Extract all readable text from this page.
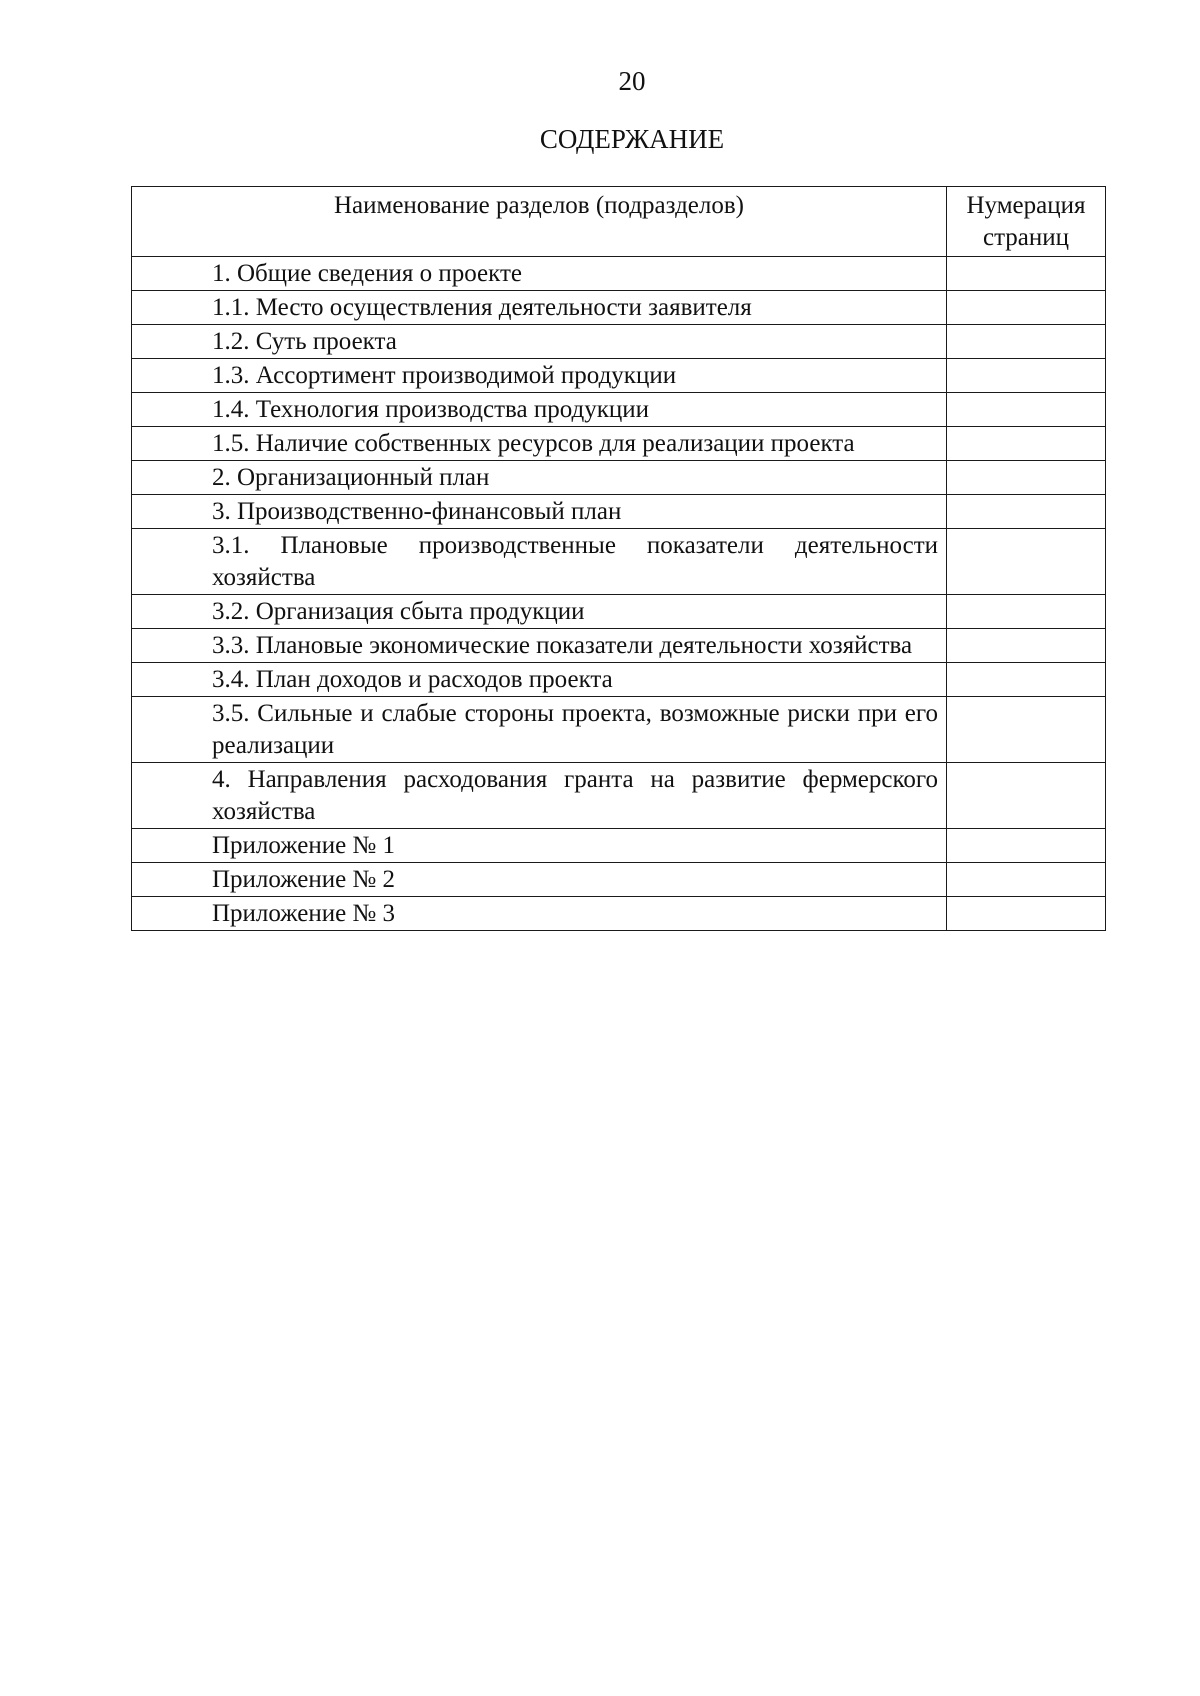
20
СОДЕРЖАНИЕ
Наименование разделов (подразделов)	Нумерация страниц
1. Общие сведения о проекте	
1.1. Место осуществления деятельности заявителя	
1.2. Суть проекта	
1.3. Ассортимент производимой продукции	
1.4. Технология производства продукции	
1.5. Наличие собственных ресурсов для реализации проекта	
2. Организационный план	
3. Производственно-финансовый план	
3.1. Плановые производственные показатели деятельности хозяйства	
3.2. Организация сбыта продукции	
3.3. Плановые экономические показатели деятельности хозяйства	
3.4. План доходов и расходов проекта	
3.5. Сильные и слабые стороны проекта, возможные риски при его реализации	
4. Направления расходования гранта на развитие фермерского хозяйства	
Приложение № 1	
Приложение № 2	
Приложение № 3	
